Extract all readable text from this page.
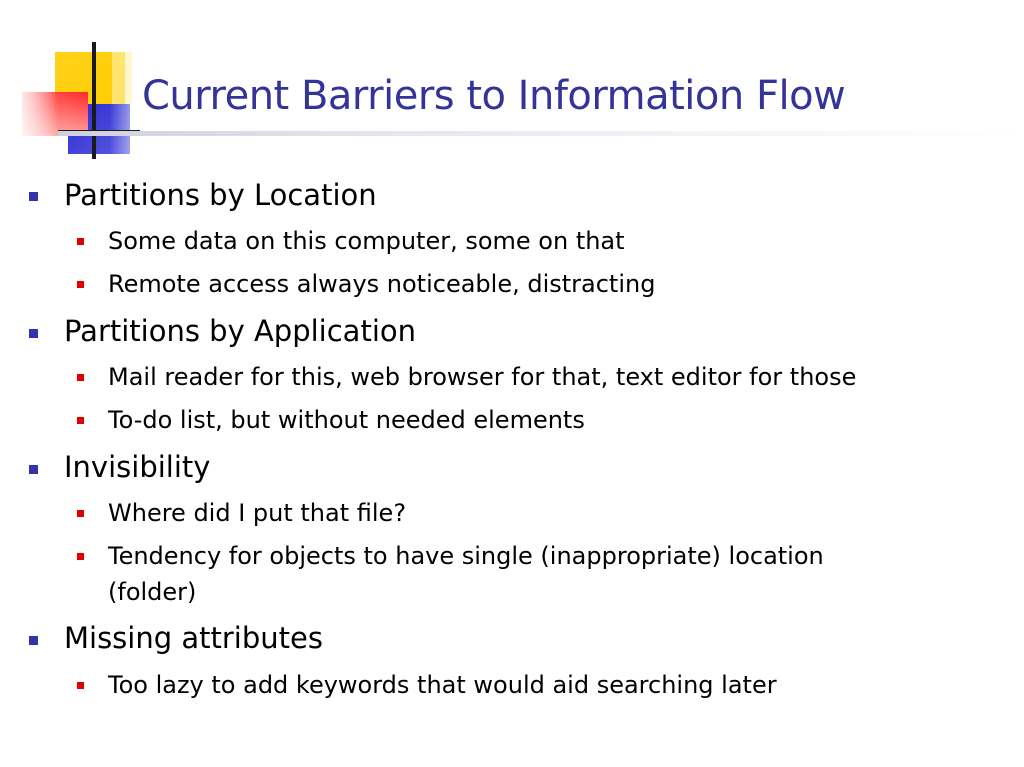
Current Barriers to Information Flow
Partitions by Location
Some data on this computer, some on that
Remote access always noticeable, distracting
Partitions by Application
Mail reader for this, web browser for that, text editor for those
To-do list, but without needed elements
Invisibility
Where did I put that file?
Tendency for objects to have single (inappropriate) location
(folder)
Missing attributes
Too lazy to add keywords that would aid searching later
